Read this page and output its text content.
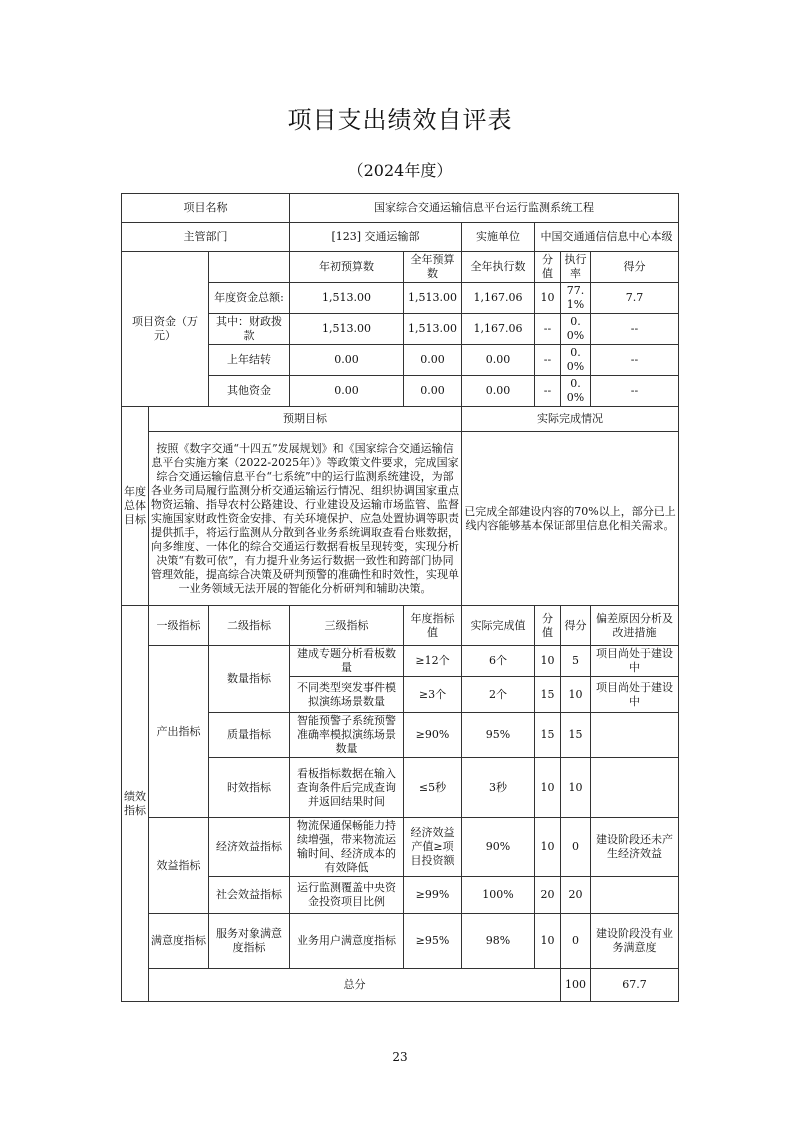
项目支出绩效自评表
（2024年度）
项目名称			国家综合交通运输信息平台运行监测系统工程						
主管部门			[123] 交通运输部		实施单位	中国交通通信信息中心本级			
项目资金（万元）			年初预算数	全年预算数	全年执行数	分值	执行率	得分	
		年度资金总额:	1,513.00	1,513.00	1,167.06	10	77.1%	7.7	
		其中：财政拨款	1,513.00	1,513.00	1,167.06	--	0.0%	--	
		上年结转	0.00	0.00	0.00	--	0.0%	--	
		其他资金	0.00	0.00	0.00	--	0.0%	--	
年度总体目标	预期目标				实际完成情况				
	按照《数字交通“十四五”发展规划》和《国家综合交通运输信息平台实施方案（2022-2025年）》等政策文件要求，完成国家综合交通运输信息平台“七系统”中的运行监测系统建设，为部各业务司局履行监测分析交通运输运行情况、组织协调国家重点物资运输、指导农村公路建设、行业建设及运输市场监管、监督实施国家财政性资金安排、有关环境保护、应急处置协调等职责提供抓手，将运行监测从分散到各业务系统调取查看台账数据，向多维度、一体化的综合交通运行数据看板呈现转变，实现分析决策“有数可依”，有力提升业务运行数据一致性和跨部门协同管理效能，提高综合决策及研判预警的准确性和时效性，实现单一业务领域无法开展的智能化分析研判和辅助决策。				已完成全部建设内容的70%以上，部分已上线内容能够基本保证部里信息化相关需求。				
绩效指标	一级指标	二级指标	三级指标	年度指标值	实际完成值	分值	得分	偏差原因分析及改进措施	
	产出指标	数量指标	建成专题分析看板数量	≥12个	6个	10	5	项目尚处于建设中	
			不同类型突发事件模拟演练场景数量	≥3个	2个	15	10	项目尚处于建设中	
		质量指标	智能预警子系统预警准确率模拟演练场景数量	≥90%	95%	15	15		
		时效指标	看板指标数据在输入查询条件后完成查询并返回结果时间	≤5秒	3秒	10	10		
	效益指标	经济效益指标	物流保通保畅能力持续增强，带来物流运输时间、经济成本的有效降低	经济效益产值≥项目投资额	90%	10	0	建设阶段还未产生经济效益	
		社会效益指标	运行监测覆盖中央资金投资项目比例	≥99%	100%	20	20		
	满意度指标	服务对象满意度指标	业务用户满意度指标	≥95%	98%	10	0	建设阶段没有业务满意度	
	总分						100	67.7	
23
